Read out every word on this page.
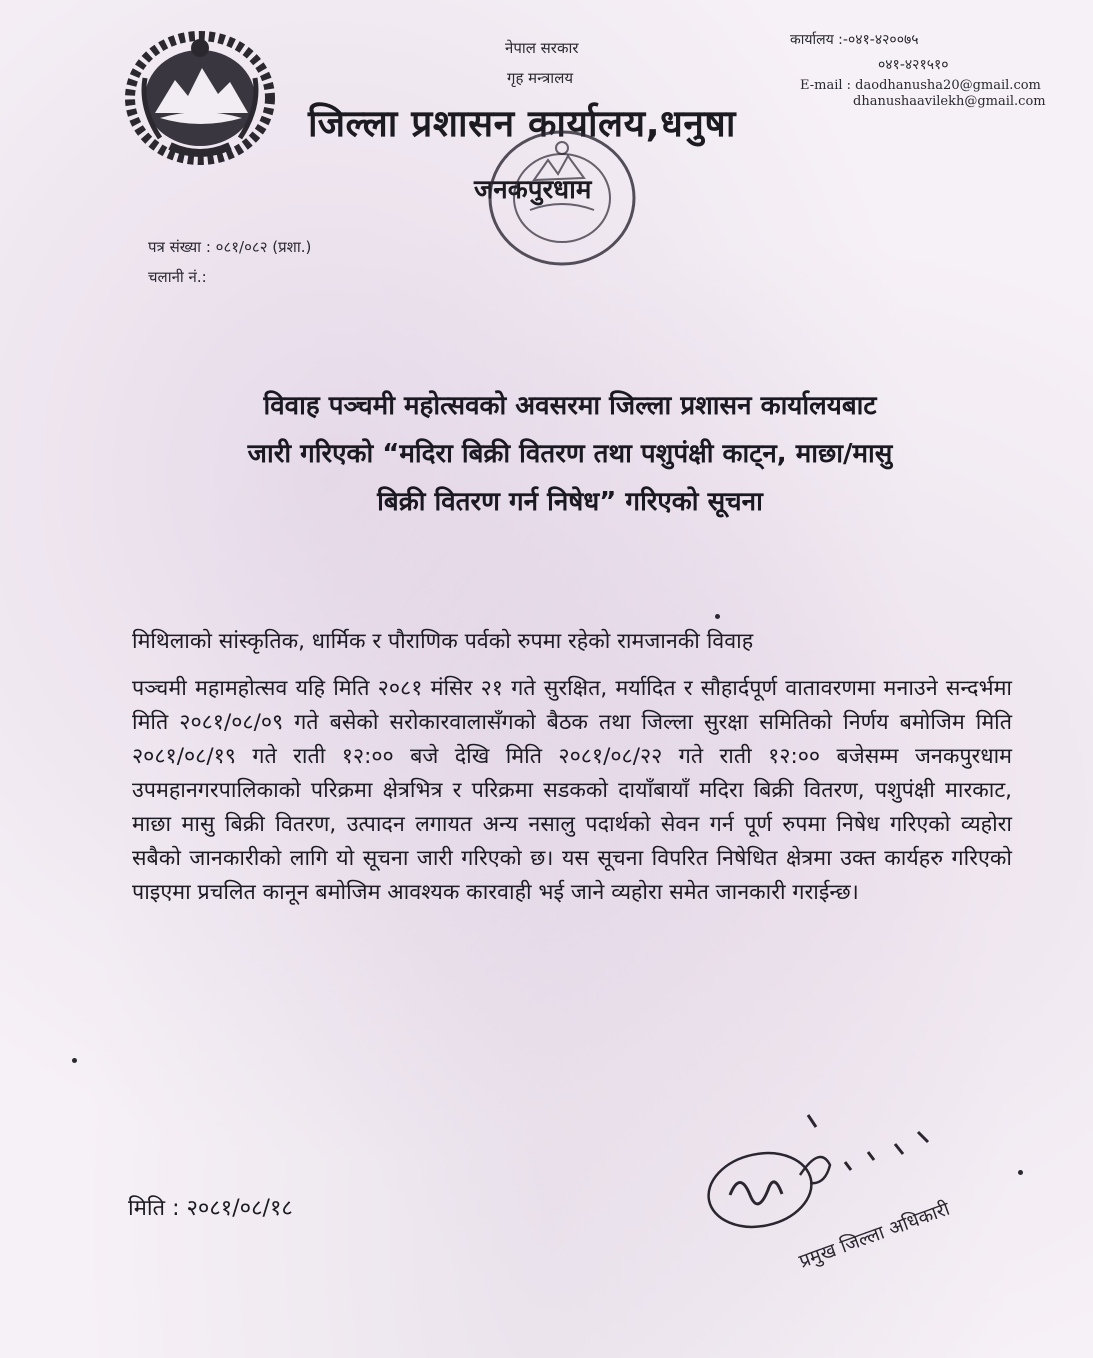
नेपाल सरकार
गृह मन्त्रालय
कार्यालय :-०४१-४२००७५
०४१-४२१५१०
E-mail : daodhanusha20@gmail.com
dhanushaavilekh@gmail.com
जिल्ला प्रशासन कार्यालय,धनुषा
जनकपुरधाम
पत्र संख्या : ०८१/०८२ (प्रशा.)
चलानी नं.:
विवाह पञ्चमी महोत्सवको अवसरमा जिल्ला प्रशासन कार्यालयबाट
जारी गरिएको “मदिरा बिक्री वितरण तथा पशुपंक्षी काट्न, माछा/मासु
बिक्री वितरण गर्न निषेध” गरिएको सूचना

मिथिलाको सांस्कृतिक, धार्मिक र पौराणिक पर्वको रुपमा रहेको रामजानकी विवाह

पञ्चमी महामहोत्सव यहि मिति २०८१ मंसिर २१ गते सुरक्षित, मर्यादित र सौहार्दपूर्ण वातावरणमा मनाउने सन्दर्भमा मिति २०८१/०८/०९ गते बसेको सरोकारवालासँगको बैठक तथा जिल्ला सुरक्षा समितिको निर्णय बमोजिम मिति २०८१/०८/१९ गते राती १२:०० बजे देखि मिति २०८१/०८/२२ गते राती १२:०० बजेसम्म जनकपुरधाम उपमहानगरपालिकाको परिक्रमा क्षेत्रभित्र र परिक्रमा सडकको दायाँबायाँ मदिरा बिक्री वितरण, पशुपंक्षी मारकाट, माछा मासु बिक्री वितरण, उत्पादन लगायत अन्य नसालु पदार्थको सेवन गर्न पूर्ण रुपमा निषेध गरिएको व्यहोरा सबैको जानकारीको लागि यो सूचना जारी गरिएको छ। यस सूचना विपरित निषेधित क्षेत्रमा उक्त कार्यहरु गरिएको पाइएमा प्रचलित कानून बमोजिम आवश्यक कारवाही भई जाने व्यहोरा समेत जानकारी गराईन्छ।

मिति : २०८१/०८/१८	प्रमुख जिल्ला अधिकारी
